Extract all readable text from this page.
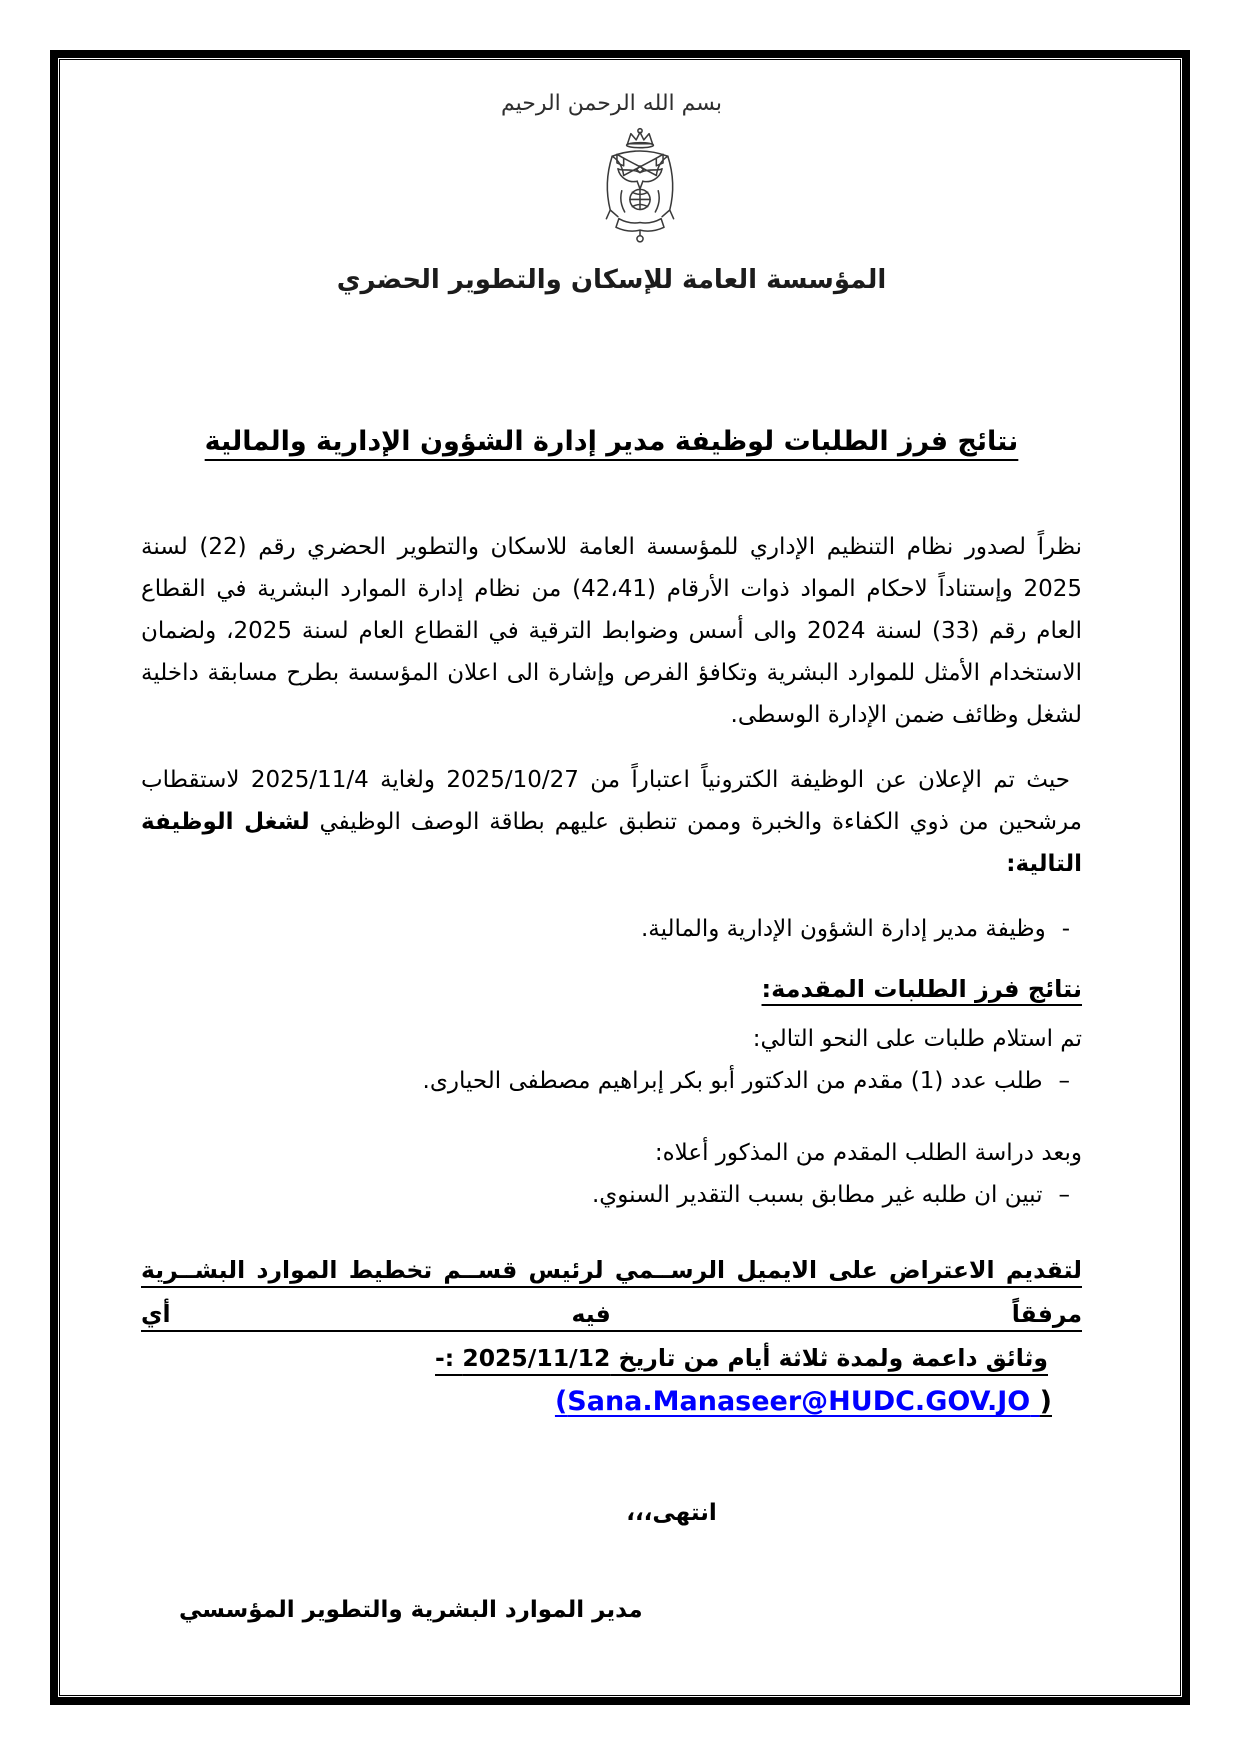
بسم الله الرحمن الرحيم
المؤسسة العامة للإسكان والتطوير الحضري
نتائج فرز الطلبات لوظيفة مدير إدارة الشؤون الإدارية والمالية

نظراً لصدور نظام التنظيم الإداري للمؤسسة العامة للاسكان والتطوير الحضري رقم (22) لسنة 2025 وإستناداً لاحكام المواد ذوات الأرقام (42،41) من نظام إدارة الموارد البشرية في القطاع العام رقم (33) لسنة 2024 والى أسس وضوابط الترقية في القطاع العام لسنة 2025، ولضمان الاستخدام الأمثل للموارد البشرية وتكافؤ الفرص وإشارة الى اعلان المؤسسة بطرح مسابقة داخلية لشغل وظائف ضمن الإدارة الوسطى.

حيث تم الإعلان عن الوظيفة الكترونياً اعتباراً من 2025/10/27 ولغاية 2025/11/4 لاستقطاب مرشحين من ذوي الكفاءة والخبرة وممن تنطبق عليهم بطاقة الوصف الوظيفي لشغل الوظيفة التالية:

-وظيفة مدير إدارة الشؤون الإدارية والمالية.
نتائج فرز الطلبات المقدمة:
تم استلام طلبات على النحو التالي:
–طلب عدد (1) مقدم من الدكتور أبو بكر إبراهيم مصطفى الحيارى.
وبعد دراسة الطلب المقدم من المذكور أعلاه:
–تبين ان طلبه غير مطابق بسبب التقدير السنوي.
لتقديم الاعتراض على الايميل الرســمي لرئيس قســم تخطيط الموارد البشــرية مرفقاً فيه أي
وثائق داعمة ولمدة ثلاثة أيام من تاريخ 2025/11/12 :-
(Sana.Manaseer@HUDC.GOV.JO )
انتهى،،،
مدير الموارد البشرية والتطوير المؤسسي
